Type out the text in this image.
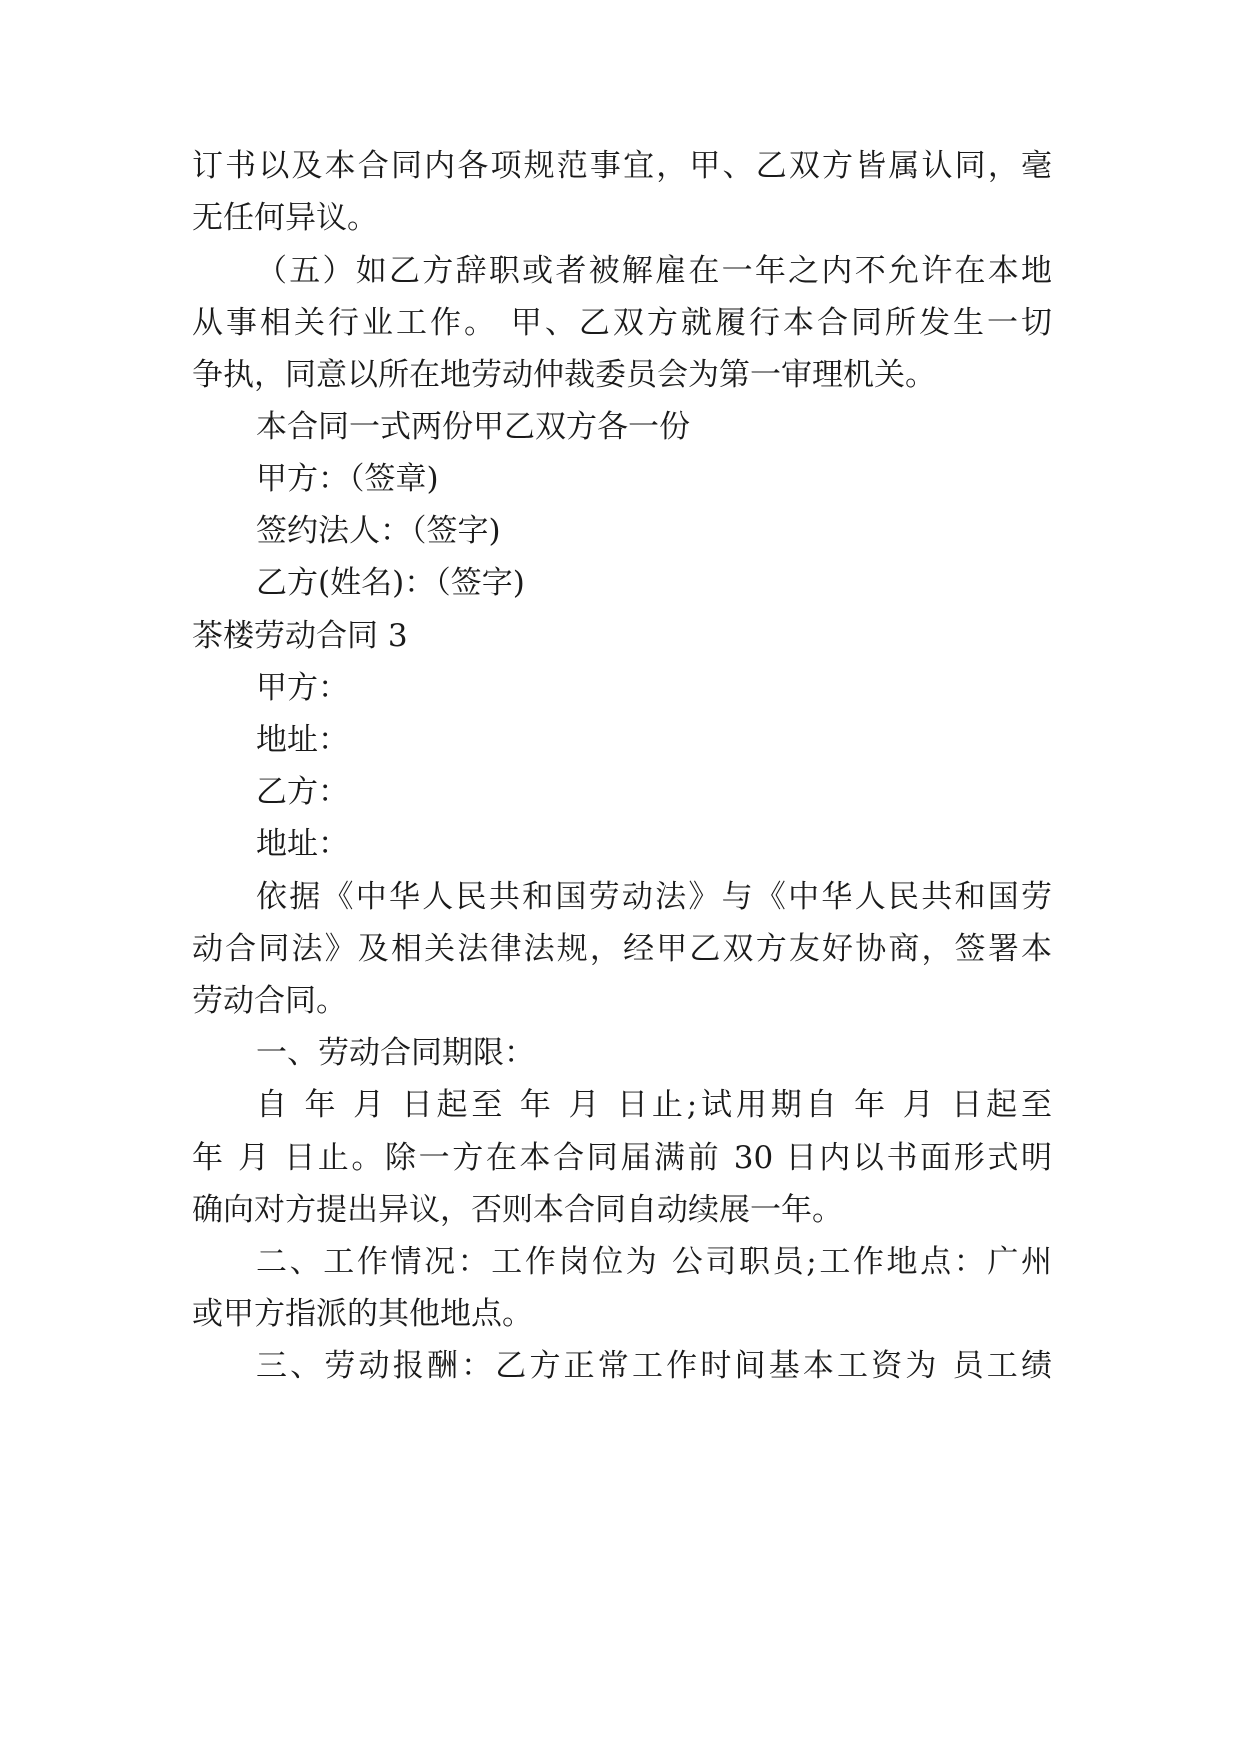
订书以及本合同内各项规范事宜，甲、乙双方皆属认同，毫
无任何异议。
（五）如乙方辞职或者被解雇在一年之内不允许在本地
从事相关行业工作。 甲、乙双方就履行本合同所发生一切
争执，同意以所在地劳动仲裁委员会为第一审理机关。
本合同一式两份甲乙双方各一份
甲方：（签章)
签约法人：（签字)
乙方(姓名)：（签字)
茶楼劳动合同 3
甲方：
地址：
乙方：
地址：
依据《中华人民共和国劳动法》与《中华人民共和国劳
动合同法》及相关法律法规，经甲乙双方友好协商，签署本
劳动合同。
一、劳动合同期限：
自 年 月 日起至 年 月 日止;试用期自 年 月 日起至
年 月 日止。除一方在本合同届满前 30 日内以书面形式明
确向对方提出异议，否则本合同自动续展一年。
二、工作情况：工作岗位为 公司职员;工作地点：广州
或甲方指派的其他地点。
三、劳动报酬：乙方正常工作时间基本工资为 员工绩
